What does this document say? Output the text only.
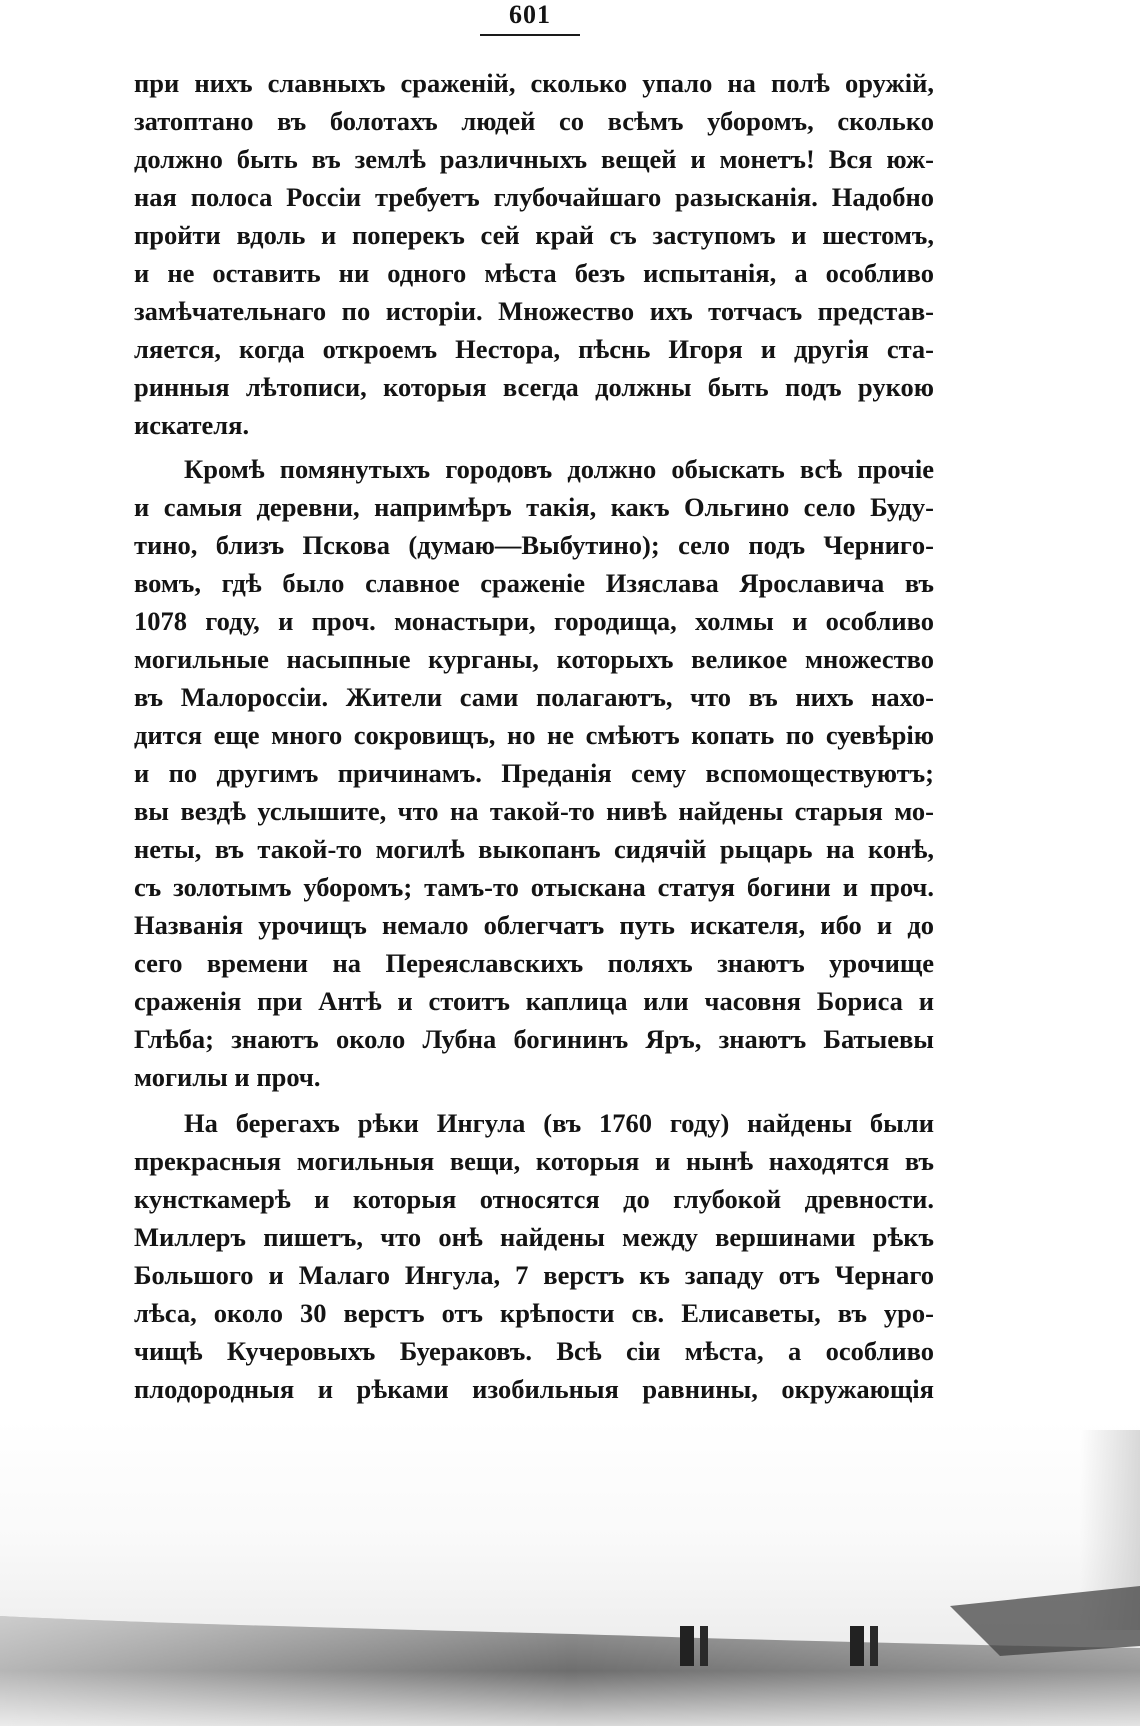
601
при нихъ славныхъ сраженій, сколько упало на полѣ оружій,
затоптано въ болотахъ людей со всѣмъ уборомъ, сколько
должно быть въ землѣ различныхъ вещей и монетъ! Вся юж-
ная полоса Россіи требуетъ глубочайшаго разысканія. Надобно
пройти вдоль и поперекъ сей край съ заступомъ и шестомъ,
и не оставить ни одного мѣста безъ испытанія, а особливо
замѣчательнаго по исторіи. Множество ихъ тотчасъ представ-
ляется, когда откроемъ Нестора, пѣснь Игоря и другія ста-
ринныя лѣтописи, которыя всегда должны быть подъ рукою
искателя.
Кромѣ помянутыхъ городовъ должно обыскать всѣ прочіе
и самыя деревни, напримѣръ такія, какъ Ольгино село Буду-
тино, близъ Пскова (думаю—Выбутино); село подъ Чернигo-
вомъ, гдѣ было славное сраженіе Изяслава Ярославича въ
1078 году, и проч. монастыри, городища, холмы и особливо
могильные насыпные курганы, которыхъ великое множество
въ Малороссіи. Жители сами полагаютъ, что въ нихъ нахо-
дится еще много сокровищъ, но не смѣютъ копать по суевѣрію
и по другимъ причинамъ. Преданія сему вспомоществуютъ;
вы вездѣ услышите, что на такой-то нивѣ найдены старыя мо-
неты, въ такой-то могилѣ выкопанъ сидячій рыцарь на конѣ,
съ золотымъ уборомъ; тамъ-то отыскана статуя богини и проч.
Названія урочищъ немало облегчатъ путь искателя, ибо и до
сего времени на Переяславскихъ поляхъ знаютъ урочище
сраженія при Антѣ и стоитъ каплица или часовня Бориса и
Глѣба; знаютъ около Лубна богининъ Яръ, знаютъ Батыевы
могилы и проч.
На берегахъ рѣки Ингула (въ 1760 году) найдены были
прекрасныя могильныя вещи, которыя и нынѣ находятся въ
кунсткамерѣ и которыя относятся до глубокой древности.
Миллеръ пишетъ, что онѣ найдены между вершинами рѣкъ
Большого и Малаго Ингула, 7 верстъ къ западу отъ Чернаго
лѣса, около 30 верстъ отъ крѣпости св. Елисаветы, въ уро-
чищѣ Кучеровыхъ Буераковъ. Всѣ сіи мѣста, а особливо
плодородныя и рѣками изобильныя равнины, окружающія
